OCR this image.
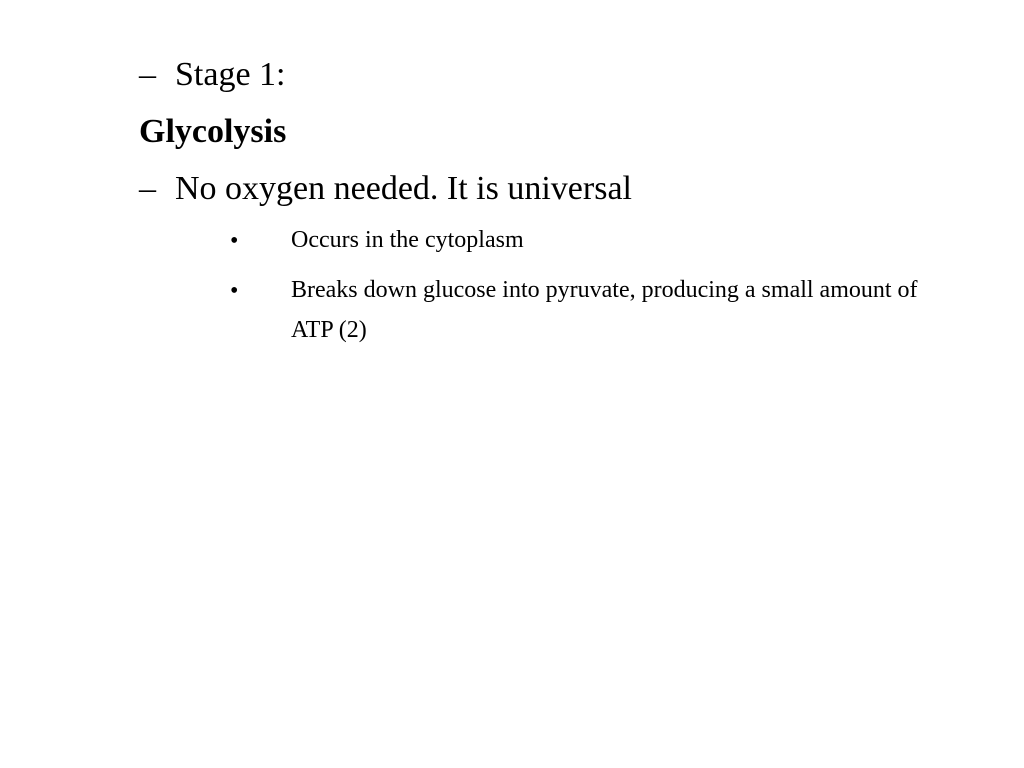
– Stage 1:
Glycolysis
– No oxygen needed. It is universal
• Occurs in the cytoplasm
• Breaks down glucose into pyruvate, producing a small amount of ATP (2)
